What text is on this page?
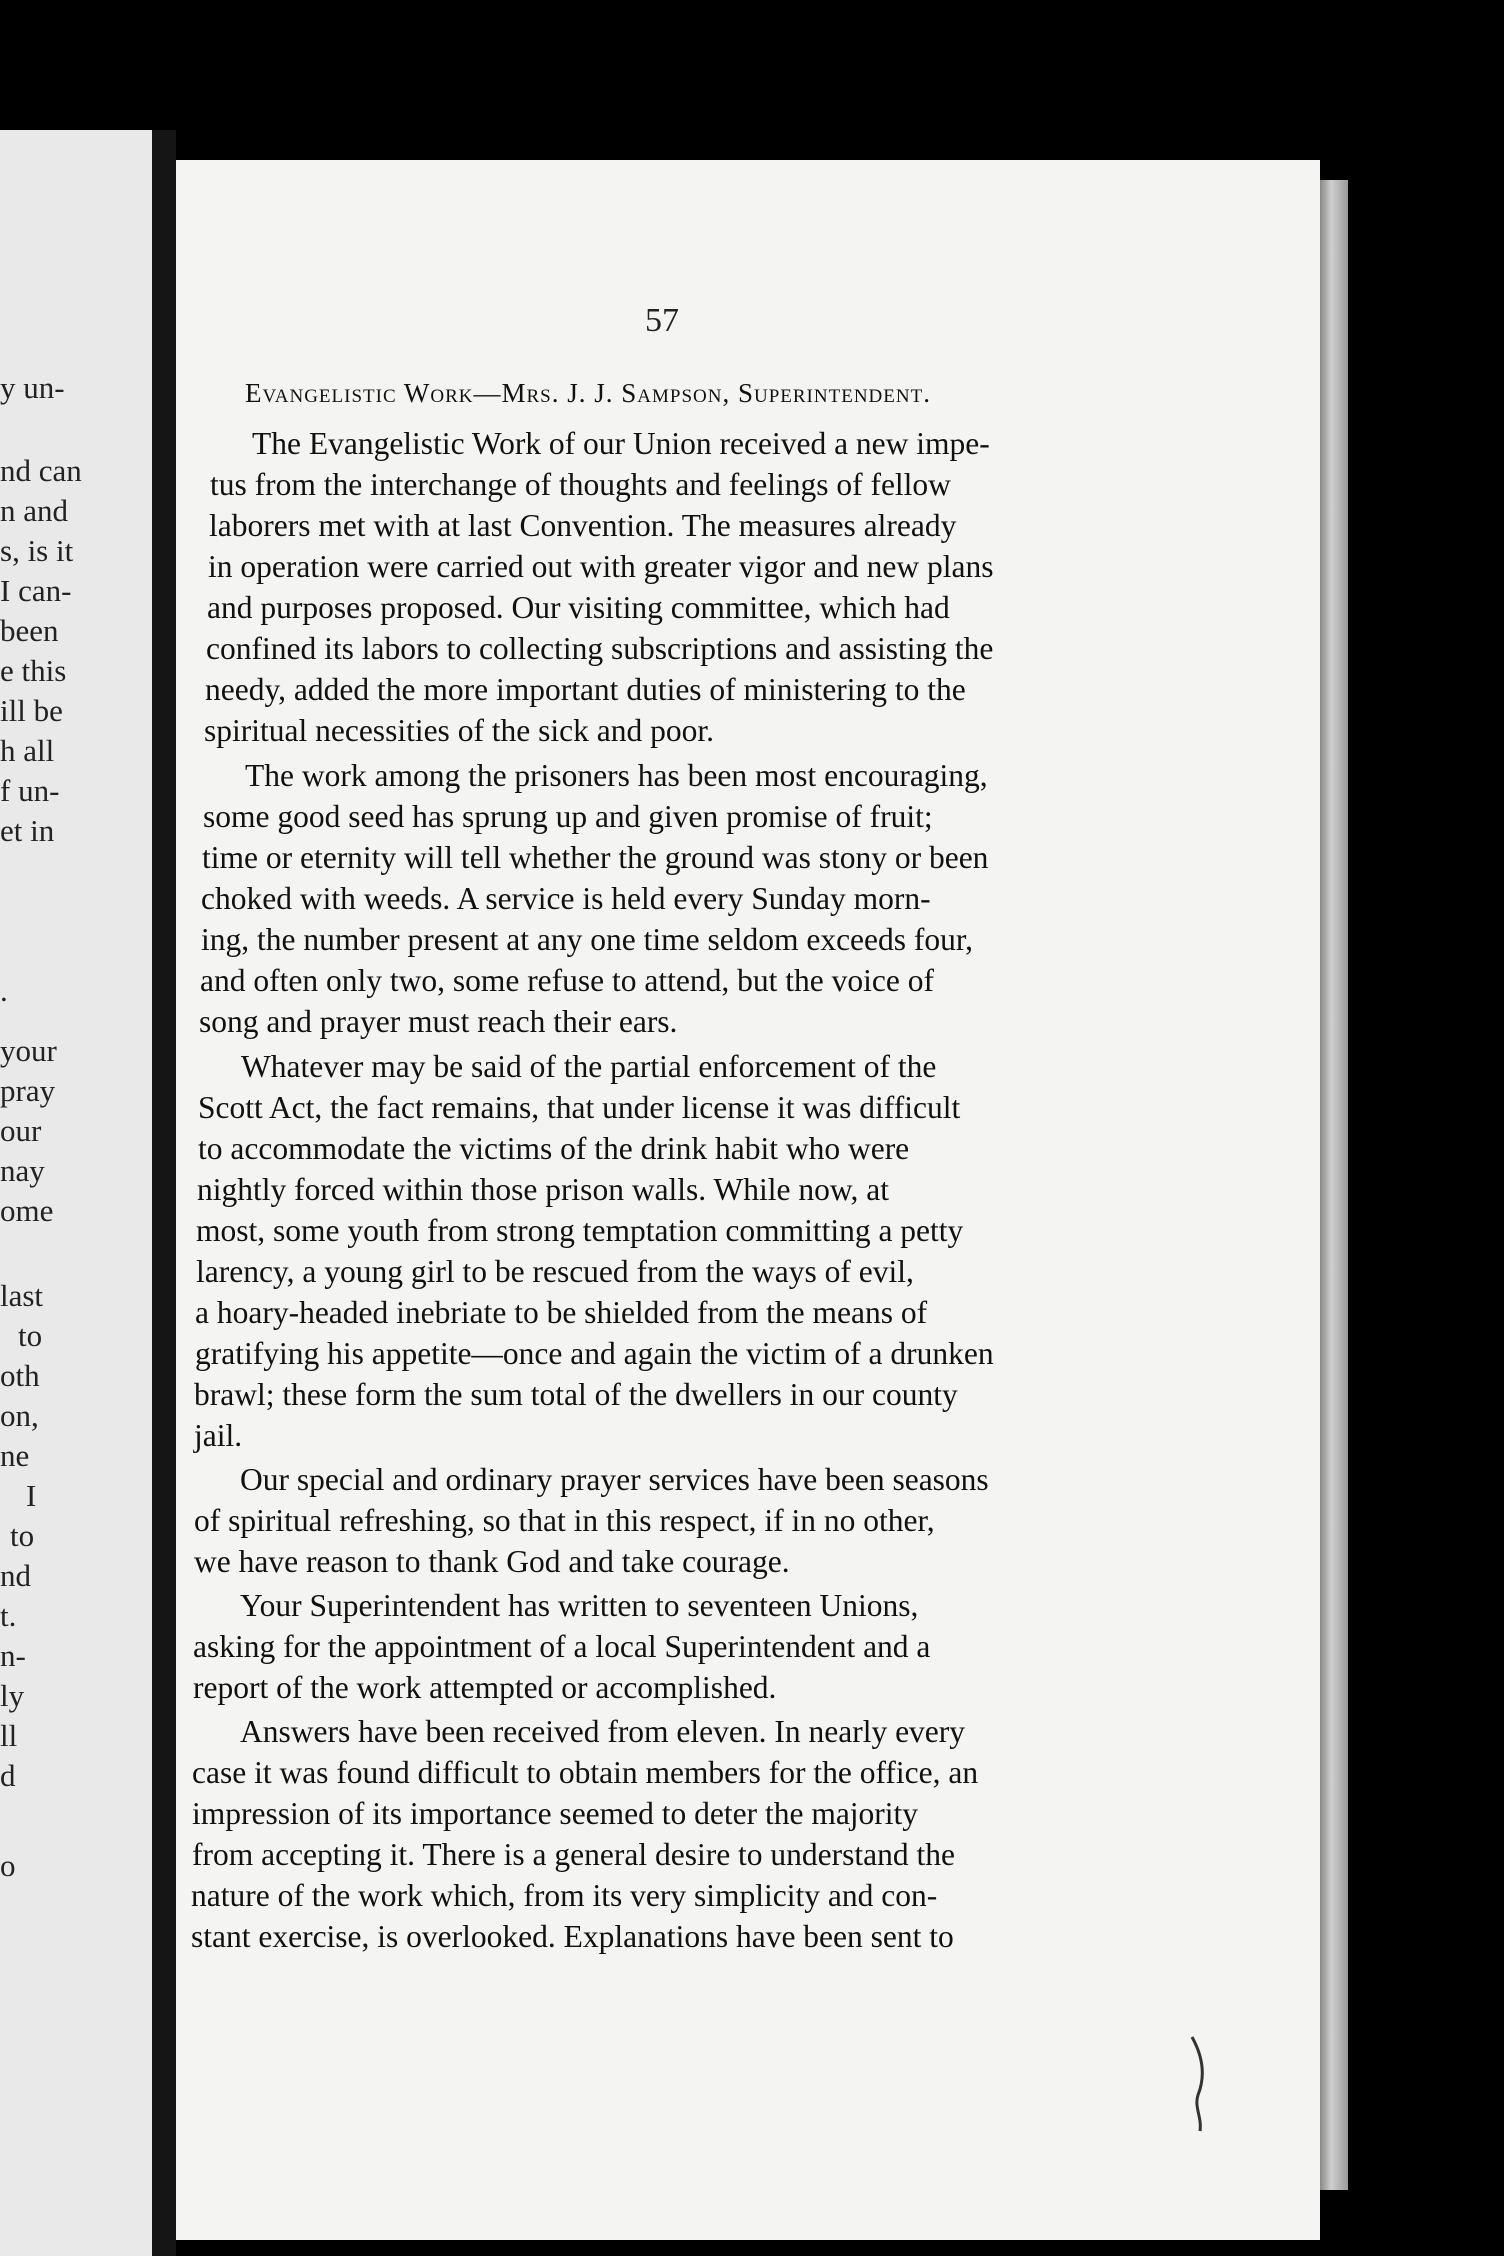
y un-
nd can
n and
s, is it
I can-
been
e this
ill be
h all
f un-
et in
.
your
pray
our
nay
ome
last
to
oth
on,
ne
I
to
nd
t.
n-
ly
ll
d
o
57
Evangelistic Work—Mrs. J. J. Sampson, Superintendent.
The Evangelistic Work of our Union received a new impe-
tus from the interchange of thoughts and feelings of fellow
laborers met with at last Convention. The measures already
in operation were carried out with greater vigor and new plans
and purposes proposed. Our visiting committee, which had
confined its labors to collecting subscriptions and assisting the
needy, added the more important duties of ministering to the
spiritual necessities of the sick and poor.
The work among the prisoners has been most encouraging,
some good seed has sprung up and given promise of fruit;
time or eternity will tell whether the ground was stony or been
choked with weeds. A service is held every Sunday morn-
ing, the number present at any one time seldom exceeds four,
and often only two, some refuse to attend, but the voice of
song and prayer must reach their ears.
Whatever may be said of the partial enforcement of the
Scott Act, the fact remains, that under license it was difficult
to accommodate the victims of the drink habit who were
nightly forced within those prison walls. While now, at
most, some youth from strong temptation committing a petty
larency, a young girl to be rescued from the ways of evil,
a hoary-headed inebriate to be shielded from the means of
gratifying his appetite—once and again the victim of a drunken
brawl; these form the sum total of the dwellers in our county
jail.
Our special and ordinary prayer services have been seasons
of spiritual refreshing, so that in this respect, if in no other,
we have reason to thank God and take courage.
Your Superintendent has written to seventeen Unions,
asking for the appointment of a local Superintendent and a
report of the work attempted or accomplished.
Answers have been received from eleven. In nearly every
case it was found difficult to obtain members for the office, an
impression of its importance seemed to deter the majority
from accepting it. There is a general desire to understand the
nature of the work which, from its very simplicity and con-
stant exercise, is overlooked. Explanations have been sent to
